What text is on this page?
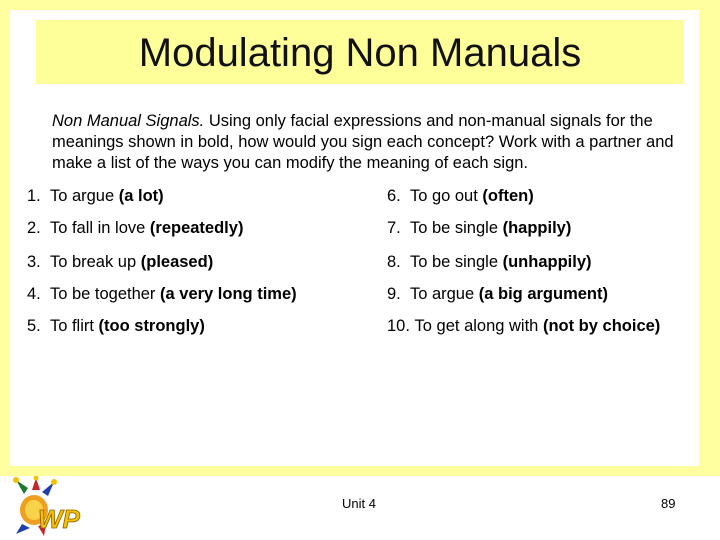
Modulating Non Manuals
Non Manual Signals. Using only facial expressions and non-manual signals for the meanings shown in bold, how would you sign each concept? Work with a partner and make a list of the ways you can modify the meaning of each sign.
1. To argue (a lot)
2. To fall in love (repeatedly)
3. To break up (pleased)
4. To be together (a very long time)
5. To flirt (too strongly)
6. To go out (often)
7. To be single (happily)
8. To be single (unhappily)
9. To argue (a big argument)
10. To get along with (not by choice)
WP
Unit 4	89
